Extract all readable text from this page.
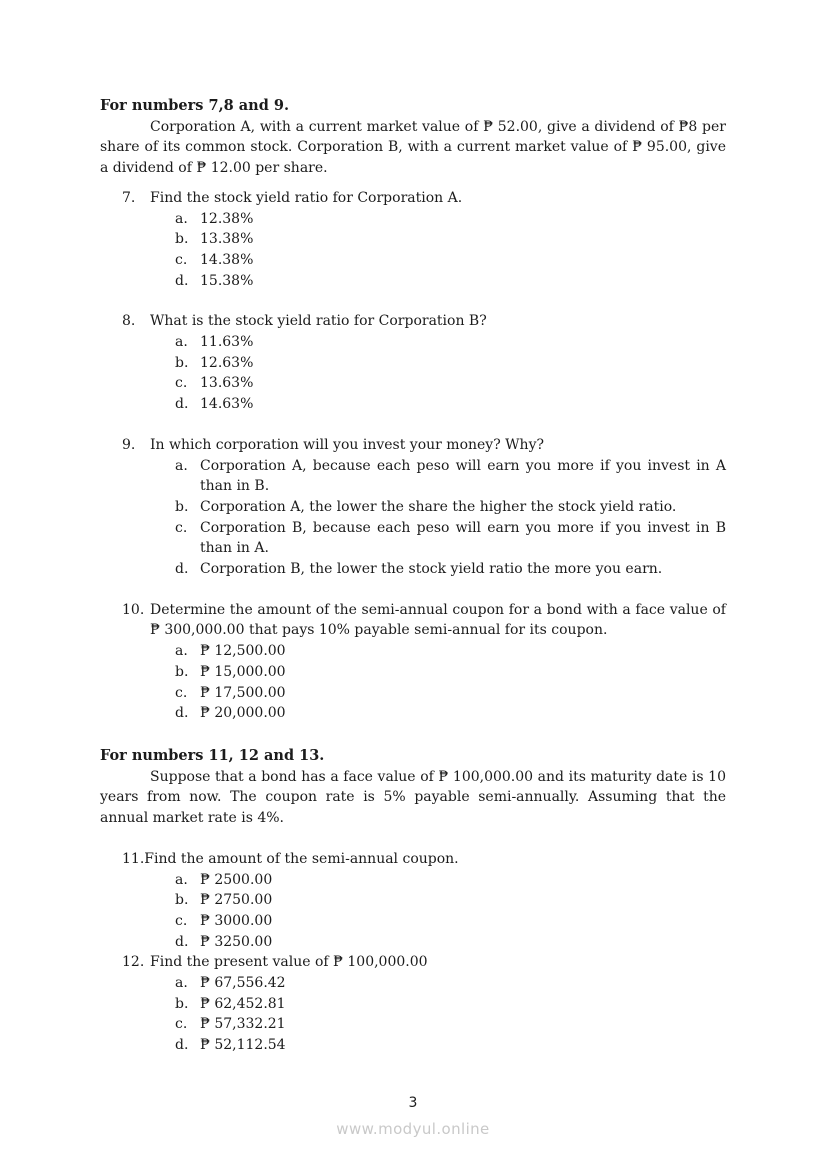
For numbers 7,8 and 9.

Corporation A, with a current market value of ₱ 52.00, give a dividend of ₱8 per share of its common stock. Corporation B, with a current market value of ₱ 95.00, give a dividend of ₱ 12.00 per share.

7.	Find the stock yield ratio for Corporation A.
a. 12.38%
b. 13.38%
c. 14.38%
d. 15.38%
8.	What is the stock yield ratio for Corporation B?
a. 11.63%
b. 12.63%
c. 13.63%
d. 14.63%
9.	In which corporation will you invest your money? Why?
a. Corporation A, because each peso will earn you more if you invest in A than in B.
b. Corporation A, the lower the share the higher the stock yield ratio.
c. Corporation B, because each peso will earn you more if you invest in B than in A.
d. Corporation B, the lower the stock yield ratio the more you earn.
10. Determine the amount of the semi-annual coupon for a bond with a face value of ₱ 300,000.00 that pays 10% payable semi-annual for its coupon.
a. ₱ 12,500.00
b. ₱ 15,000.00
c. ₱ 17,500.00
d. ₱ 20,000.00
For numbers 11, 12 and 13.

Suppose that a bond has a face value of ₱ 100,000.00 and its maturity date is 10 years from now. The coupon rate is 5% payable semi-annually. Assuming that the annual market rate is 4%.

11. Find the amount of the semi-annual coupon.
a. ₱ 2500.00
b. ₱ 2750.00
c. ₱ 3000.00
d. ₱ 3250.00
12. Find the present value of ₱ 100,000.00
a. ₱ 67,556.42
b. ₱ 62,452.81
c. ₱ 57,332.21
d. ₱ 52,112.54
3
www.modyul.online
